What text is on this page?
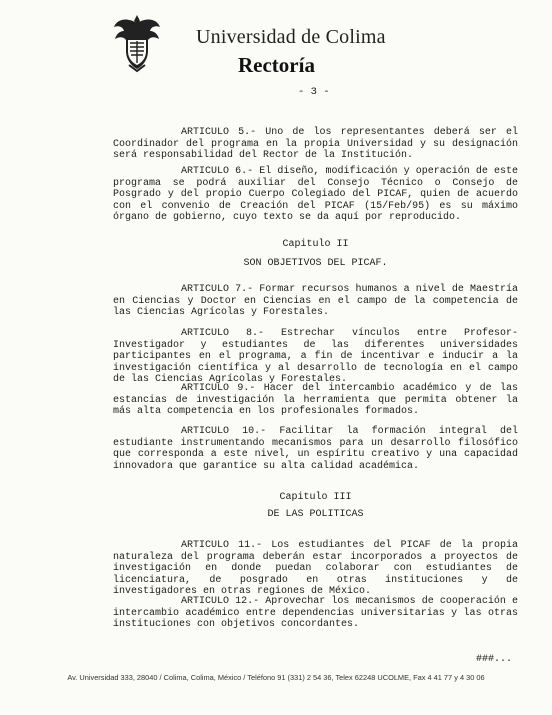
Universidad de Colima
Rectoría
- 3 -

ARTICULO 5.- Uno de los representantes deberá ser el Coordinador del programa en la propia Universidad y su designación será responsabilidad del Rector de la Institución.

ARTICULO 6.- El diseño, modificación y operación de este programa se podrá auxiliar del Consejo Técnico o Consejo de Posgrado y del propio Cuerpo Colegiado del PICAF, quien de acuerdo con el convenio de Creación del PICAF (15/Feb/95) es su máximo órgano de gobierno, cuyo texto se da aquí por reproducido.

Capitulo II

SON OBJETIVOS DEL PICAF.

ARTICULO 7.- Formar recursos humanos a nivel de Maestría en Ciencias y Doctor en Ciencias en el campo de la competencia de las Ciencias Agrícolas y Forestales.

ARTICULO 8.- Estrechar vínculos entre Profesor-Investigador y estudiantes de las diferentes universidades participantes en el programa, a fin de incentivar e inducir a la investigación científica y al desarrollo de tecnología en el campo de las Ciencias Agrícolas y Forestales.

ARTICULO 9.- Hacer del intercambio académico y de las estancias de investigación la herramienta que permita obtener la más alta competencia en los profesionales formados.

ARTICULO 10.- Facilitar la formación integral del estudiante instrumentando mecanismos para un desarrollo filosófico que corresponda a este nivel, un espíritu creativo y una capacidad innovadora que garantice su alta calidad académica.

Capitulo III

DE LAS POLITICAS

ARTICULO 11.- Los estudiantes del PICAF de la propia naturaleza del programa deberán estar incorporados a proyectos de investigación en donde puedan colaborar con estudiantes de licenciatura, de posgrado en otras instituciones y de investigadores en otras regiones de México.

ARTICULO 12.- Aprovechar los mecanismos de cooperación e intercambio académico entre dependencias universitarias y las otras instituciones con objetivos concordantes.

###...
Av. Universidad 333, 28040 / Colima, Colima, México / Teléfono 91 (331) 2 54 36, Telex 62248 UCOLME, Fax 4 41 77 y 4 30 06
